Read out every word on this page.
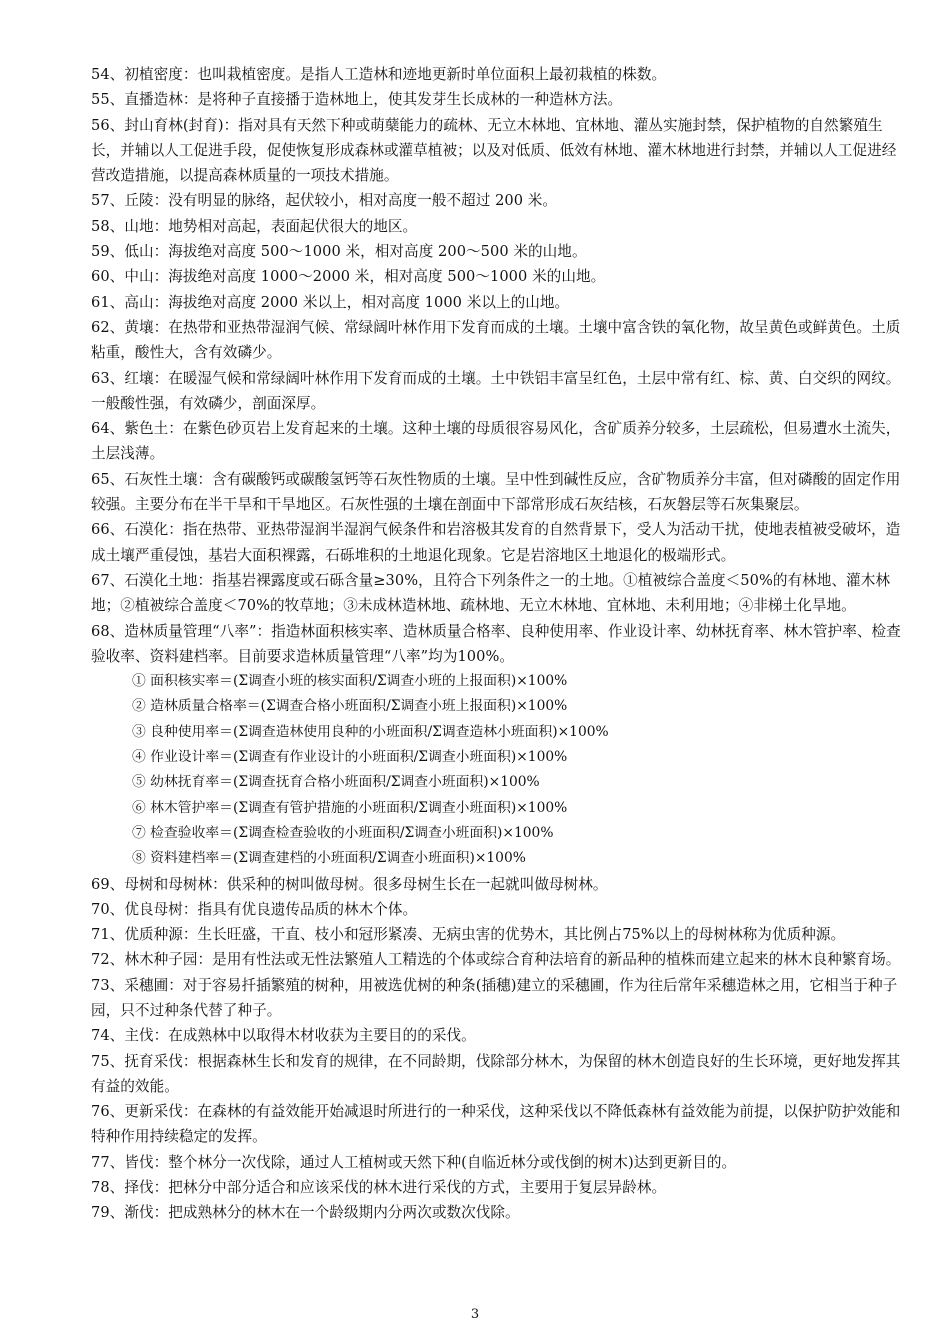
54、初植密度：也叫栽植密度。是指人工造林和迹地更新时单位面积上最初栽植的株数。

55、直播造林：是将种子直接播于造林地上，使其发芽生长成林的一种造林方法。

56、封山育林(封育)：指对具有天然下种或萌蘖能力的疏林、无立木林地、宜林地、灌丛实施封禁，保护植物的自然繁殖生长，并辅以人工促进手段，促使恢复形成森林或灌草植被；以及对低质、低效有林地、灌木林地进行封禁，并辅以人工促进经营改造措施，以提高森林质量的一项技术措施。

57、丘陵：没有明显的脉络，起伏较小，相对高度一般不超过 200 米。

58、山地：地势相对高起，表面起伏很大的地区。

59、低山：海拔绝对高度 500～1000 米，相对高度 200～500 米的山地。

60、中山：海拔绝对高度 1000～2000 米，相对高度 500～1000 米的山地。

61、高山：海拔绝对高度 2000 米以上，相对高度 1000 米以上的山地。

62、黄壤：在热带和亚热带湿润气候、常绿阔叶林作用下发育而成的土壤。土壤中富含铁的氧化物，故呈黄色或鲜黄色。土质粘重，酸性大，含有效磷少。

63、红壤：在暖湿气候和常绿阔叶林作用下发育而成的土壤。土中铁铝丰富呈红色，土层中常有红、棕、黄、白交织的网纹。一般酸性强，有效磷少，剖面深厚。

64、紫色土：在紫色砂页岩上发育起来的土壤。这种土壤的母质很容易风化，含矿质养分较多，土层疏松，但易遭水土流失，土层浅薄。

65、石灰性土壤：含有碳酸钙或碳酸氢钙等石灰性物质的土壤。呈中性到碱性反应，含矿物质养分丰富，但对磷酸的固定作用较强。主要分布在半干旱和干旱地区。石灰性强的土壤在剖面中下部常形成石灰结核，石灰磐层等石灰集聚层。

66、石漠化：指在热带、亚热带湿润半湿润气候条件和岩溶极其发育的自然背景下，受人为活动干扰，使地表植被受破坏，造成土壤严重侵蚀，基岩大面积裸露，石砾堆积的土地退化现象。它是岩溶地区土地退化的极端形式。

67、石漠化土地：指基岩裸露度或石砾含量≥30%，且符合下列条件之一的土地。①植被综合盖度＜50%的有林地、灌木林地；②植被综合盖度＜70%的牧草地；③未成林造林地、疏林地、无立木林地、宜林地、未利用地；④非梯土化旱地。

68、造林质量管理“八率”：指造林面积核实率、造林质量合格率、良种使用率、作业设计率、幼林抚育率、林木管护率、检查验收率、资料建档率。目前要求造林质量管理“八率”均为100%。

① 面积核实率＝(Σ调查小班的核实面积/Σ调查小班的上报面积)×100%

② 造林质量合格率＝(Σ调查合格小班面积/Σ调查小班上报面积)×100%

③ 良种使用率＝(Σ调查造林使用良种的小班面积/Σ调查造林小班面积)×100%

④ 作业设计率＝(Σ调查有作业设计的小班面积/Σ调查小班面积)×100%

⑤ 幼林抚育率＝(Σ调查抚育合格小班面积/Σ调查小班面积)×100%

⑥ 林木管护率＝(Σ调查有管护措施的小班面积/Σ调查小班面积)×100%

⑦ 检查验收率＝(Σ调查检查验收的小班面积/Σ调查小班面积)×100%

⑧ 资料建档率＝(Σ调查建档的小班面积/Σ调查小班面积)×100%

69、母树和母树林：供采种的树叫做母树。很多母树生长在一起就叫做母树林。

70、优良母树：指具有优良遗传品质的林木个体。

71、优质种源：生长旺盛，干直、枝小和冠形紧凑、无病虫害的优势木，其比例占75%以上的母树林称为优质种源。

72、林木种子园：是用有性法或无性法繁殖人工精选的个体或综合育种法培育的新品种的植株而建立起来的林木良种繁育场。

73、采穗圃：对于容易扦插繁殖的树种，用被选优树的种条(插穗)建立的采穗圃，作为往后常年采穗造林之用，它相当于种子园，只不过种条代替了种子。

74、主伐：在成熟林中以取得木材收获为主要目的的采伐。

75、抚育采伐：根据森林生长和发育的规律，在不同龄期，伐除部分林木，为保留的林木创造良好的生长环境，更好地发挥其有益的效能。

76、更新采伐：在森林的有益效能开始减退时所进行的一种采伐，这种采伐以不降低森林有益效能为前提，以保护防护效能和特种作用持续稳定的发挥。

77、皆伐：整个林分一次伐除，通过人工植树或天然下种(自临近林分或伐倒的树木)达到更新目的。

78、择伐：把林分中部分适合和应该采伐的林木进行采伐的方式，主要用于复层异龄林。

79、渐伐：把成熟林分的林木在一个龄级期内分两次或数次伐除。

3
